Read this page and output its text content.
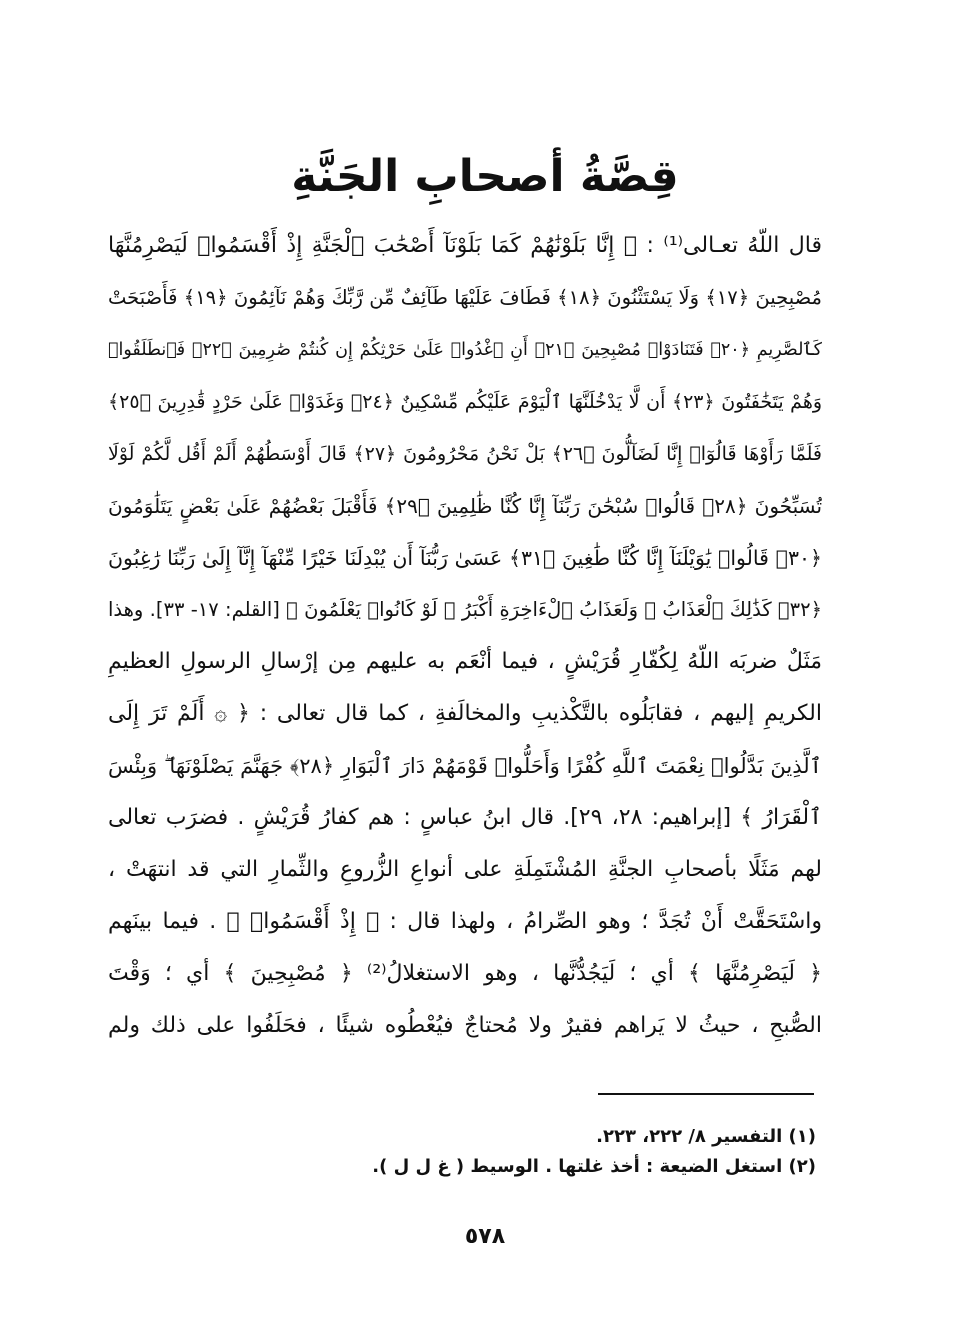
قِصَّةُ أصحابِ الجَنَّةِ
قال اللّهُ تعـالى⁽¹⁾ : ﴿ إِنَّا بَلَوْنَٰهُمْ كَمَا بَلَوْنَآ أَصْحَٰبَ ٱلْجَنَّةِ إِذْ أَقْسَمُوا۟ لَيَصْرِمُنَّهَا
مُصْبِحِينَ ﴿١٧﴾ وَلَا يَسْتَثْنُونَ ﴿١٨﴾ فَطَافَ عَلَيْهَا طَآئِفٌ مِّن رَّبِّكَ وَهُمْ نَآئِمُونَ ﴿١٩﴾ فَأَصْبَحَتْ
كَٱلصَّرِيمِ ﴿٢٠﴾ فَتَنَادَوْا۟ مُصْبِحِينَ ﴿٢١﴾ أَنِ ٱغْدُوا۟ عَلَىٰ حَرْثِكُمْ إِن كُنتُمْ صَٰرِمِينَ ﴿٢٢﴾ فَٱنطَلَقُوا۟
وَهُمْ يَتَخَٰفَتُونَ ﴿٢٣﴾ أَن لَّا يَدْخُلَنَّهَا ٱلْيَوْمَ عَلَيْكُم مِّسْكِينٌ ﴿٢٤﴾ وَغَدَوْا۟ عَلَىٰ حَرْدٍ قَٰدِرِينَ ﴿٢٥﴾
فَلَمَّا رَأَوْهَا قَالُوٓا۟ إِنَّا لَضَآلُّونَ ﴿٢٦﴾ بَلْ نَحْنُ مَحْرُومُونَ ﴿٢٧﴾ قَالَ أَوْسَطُهُمْ أَلَمْ أَقُل لَّكُمْ لَوْلَا
تُسَبِّحُونَ ﴿٢٨﴾ قَالُوا۟ سُبْحَٰنَ رَبِّنَآ إِنَّا كُنَّا ظَٰلِمِينَ ﴿٢٩﴾ فَأَقْبَلَ بَعْضُهُمْ عَلَىٰ بَعْضٍ يَتَلَٰوَمُونَ
﴿٣٠﴾ قَالُوا۟ يَٰوَيْلَنَآ إِنَّا كُنَّا طَٰغِينَ ﴿٣١﴾ عَسَىٰ رَبُّنَآ أَن يُبْدِلَنَا خَيْرًا مِّنْهَآ إِنَّآ إِلَىٰ رَبِّنَا رَٰغِبُونَ
﴿٣٢﴾ كَذَٰلِكَ ٱلْعَذَابُ ۖ وَلَعَذَابُ ٱلْءَاخِرَةِ أَكْبَرُ ۚ لَوْ كَانُوا۟ يَعْلَمُونَ ﴾ [القلم: ١٧- ٣٣]. وهذا
مَثَلٌ ضربَه اللّهُ لِكُفّارِ قُرَيْشٍ ، فيما أنْعَم به عليهم مِن إرْسالِ الرسولِ العظيمِ
الكريمِ إليهم ، فقابَلُوه بالتَّكْذيبِ والمخالَفةِ ، كما قال تعالى : ﴿ ۞ أَلَمْ تَرَ إِلَى
ٱلَّذِينَ بَدَّلُوا۟ نِعْمَتَ ٱللَّهِ كُفْرًا وَأَحَلُّوا۟ قَوْمَهُمْ دَارَ ٱلْبَوَارِ ﴿٢٨﴾ جَهَنَّمَ يَصْلَوْنَهَا ۖ وَبِئْسَ
ٱلْقَرَارُ ﴾ [إبراهيم: ٢٨، ٢٩]. قال ابنُ عباسٍ : هم كفارُ قُرَيْشٍ . فضرَب تعالى
لهم مَثَلًا بأصحابِ الجنَّةِ المُشْتَمِلَةِ على أنواعِ الزُّروعِ والثِّمارِ التي قد انتهَتْ ،
واسْتَحَقَّتْ أَنْ تُجَدَّ ؛ وهو الصِّرامُ ، ولهذا قال : ﴿ إِذْ أَقْسَمُوا۟ ﴾ . فيما بينَهم
﴿ لَيَصْرِمُنَّهَا ﴾ أي ؛ لَيَجُدُّنَّها ، وهو الاستغلالُ⁽²⁾ ﴿ مُصْبِحِينَ ﴾ أي ؛ وَقْتَ
الصُّبحِ ، حيثُ لا يَراهم فقيرٌ ولا مُحتاجٌ فيُعْطُوه شيئًا ، فحَلَفُوا على ذلك ولم
(١) التفسير ٨/ ٢٢٢، ٢٢٣.
(٢) استغل الضيعة : أخذ غلتها . الوسيط ( غ ل ل ).
٥٧٨
